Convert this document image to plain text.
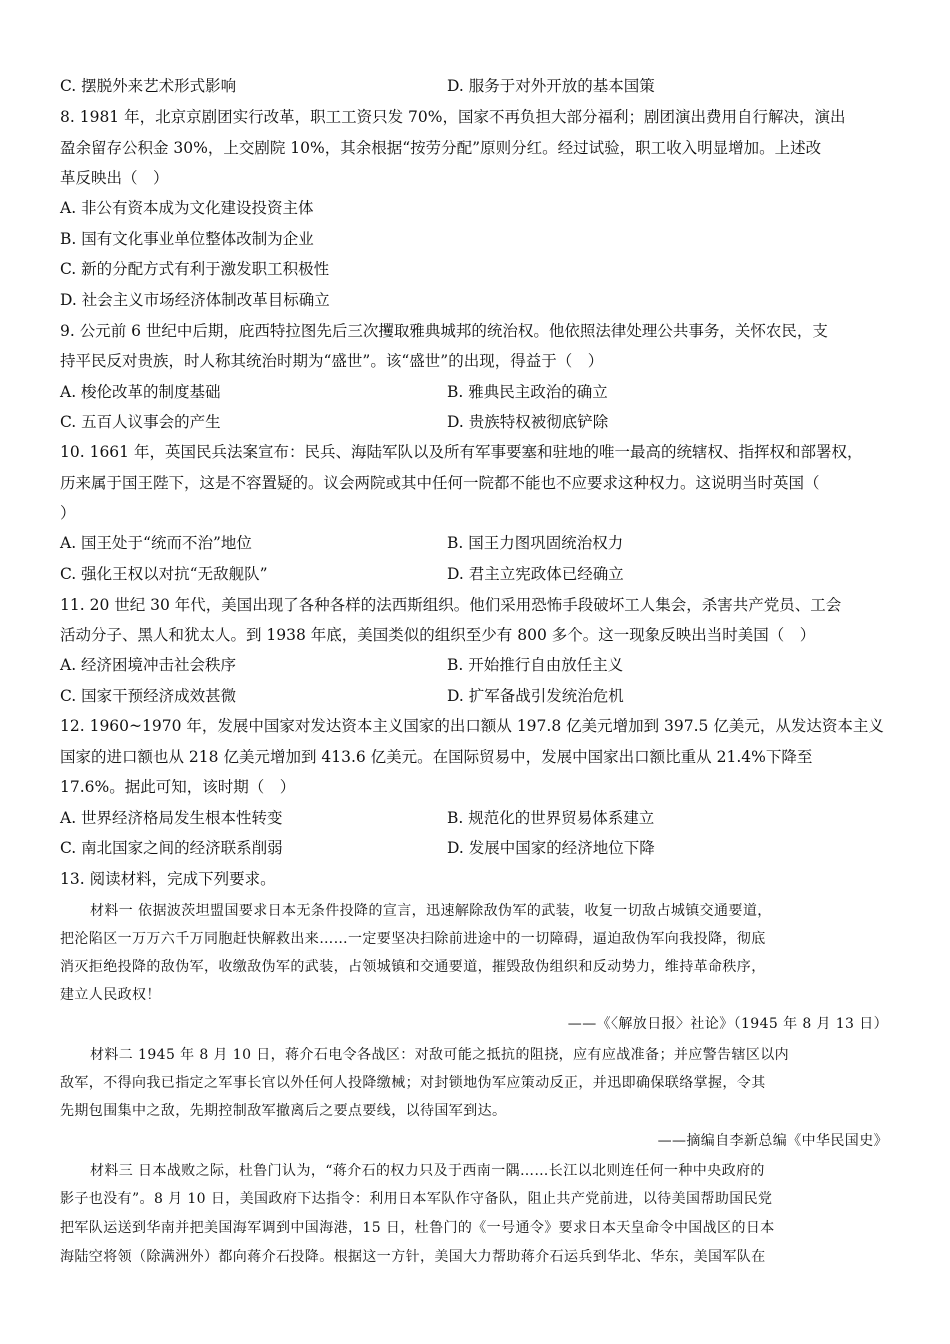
C. 摆脱外来艺术形式影响	D. 服务于对外开放的基本国策
8. 1981 年，北京京剧团实行改革，职工工资只发 70%，国家不再负担大部分福利；剧团演出费用自行解决，演出
盈余留存公积金 30%，上交剧院 10%，其余根据“按劳分配”原则分红。经过试验，职工收入明显增加。上述改
革反映出（　）
A. 非公有资本成为文化建设投资主体
B. 国有文化事业单位整体改制为企业
C. 新的分配方式有利于激发职工积极性
D. 社会主义市场经济体制改革目标确立
9. 公元前 6 世纪中后期，庇西特拉图先后三次攫取雅典城邦的统治权。他依照法律处理公共事务，关怀农民，支
持平民反对贵族，时人称其统治时期为“盛世”。该“盛世”的出现，得益于（　）
A. 梭伦改革的制度基础	B. 雅典民主政治的确立
C. 五百人议事会的产生	D. 贵族特权被彻底铲除
10. 1661 年，英国民兵法案宣布：民兵、海陆军队以及所有军事要塞和驻地的唯一最高的统辖权、指挥权和部署权，
历来属于国王陛下，这是不容置疑的。议会两院或其中任何一院都不能也不应要求这种权力。这说明当时英国（
）
A. 国王处于“统而不治”地位	B. 国王力图巩固统治权力
C. 强化王权以对抗“无敌舰队”	D. 君主立宪政体已经确立
11. 20 世纪 30 年代，美国出现了各种各样的法西斯组织。他们采用恐怖手段破坏工人集会，杀害共产党员、工会
活动分子、黑人和犹太人。到 1938 年底，美国类似的组织至少有 800 多个。这一现象反映出当时美国（　）
A. 经济困境冲击社会秩序	B. 开始推行自由放任主义
C. 国家干预经济成效甚微	D. 扩军备战引发统治危机
12. 1960~1970 年，发展中国家对发达资本主义国家的出口额从 197.8 亿美元增加到 397.5 亿美元，从发达资本主义
国家的进口额也从 218 亿美元增加到 413.6 亿美元。在国际贸易中，发展中国家出口额比重从 21.4%下降至
17.6%。据此可知，该时期（　）
A. 世界经济格局发生根本性转变	B. 规范化的世界贸易体系建立
C. 南北国家之间的经济联系削弱	D. 发展中国家的经济地位下降
13. 阅读材料，完成下列要求。
材料一 依据波茨坦盟国要求日本无条件投降的宣言，迅速解除敌伪军的武装，收复一切敌占城镇交通要道，
把沦陷区一万万六千万同胞赶快解救出来……一定要坚决扫除前进途中的一切障碍，逼迫敌伪军向我投降，彻底
消灭拒绝投降的敌伪军，收缴敌伪军的武装，占领城镇和交通要道，摧毁敌伪组织和反动势力，维持革命秩序，
建立人民政权！
——《〈解放日报〉社论》（1945 年 8 月 13 日）
材料二 1945 年 8 月 10 日，蒋介石电令各战区：对敌可能之抵抗的阻挠，应有应战准备；并应警告辖区以内
敌军，不得向我已指定之军事长官以外任何人投降缴械；对封锁地伪军应策动反正，并迅即确保联络掌握，令其
先期包围集中之敌，先期控制敌军撤离后之要点要线，以待国军到达。
——摘编自李新总编《中华民国史》
材料三 日本战败之际，杜鲁门认为，“蒋介石的权力只及于西南一隅……长江以北则连任何一种中央政府的
影子也没有”。8 月 10 日，美国政府下达指令：利用日本军队作守备队，阻止共产党前进，以待美国帮助国民党
把军队运送到华南并把美国海军调到中国海港，15 日，杜鲁门的《一号通令》要求日本天皇命令中国战区的日本
海陆空将领（除满洲外）都向蒋介石投降。根据这一方针，美国大力帮助蒋介石运兵到华北、华东，美国军队在
